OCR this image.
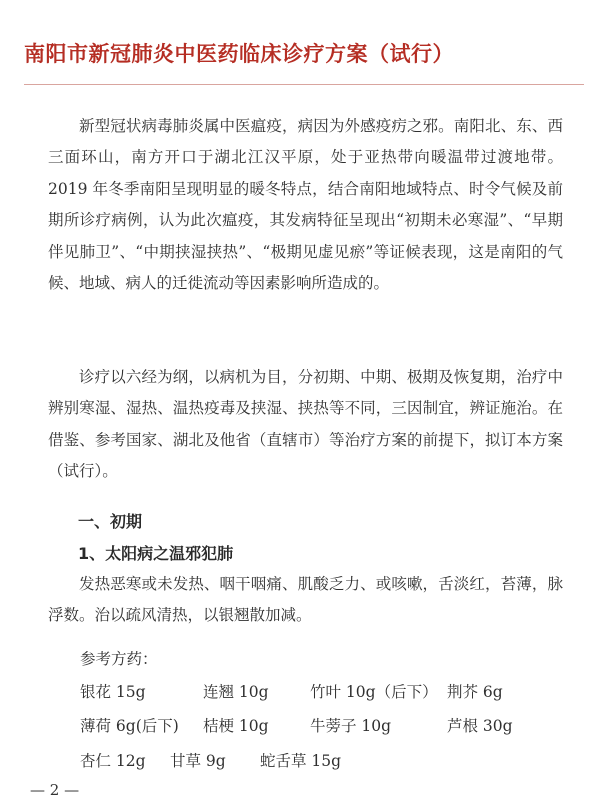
南阳市新冠肺炎中医药临床诊疗方案（试行）

新型冠状病毒肺炎属中医瘟疫，病因为外感疫疠之邪。南阳北、东、西三面环山，南方开口于湖北江汉平原，处于亚热带向暖温带过渡地带。2019 年冬季南阳呈现明显的暖冬特点，结合南阳地域特点、时令气候及前期所诊疗病例，认为此次瘟疫，其发病特征呈现出“初期未必寒湿”、“早期伴见肺卫”、“中期挟湿挟热”、“极期见虚见瘀”等证候表现，这是南阳的气候、地域、病人的迁徙流动等因素影响所造成的。

诊疗以六经为纲，以病机为目，分初期、中期、极期及恢复期，治疗中辨别寒湿、湿热、温热疫毒及挟湿、挟热等不同，三因制宜，辨证施治。在借鉴、参考国家、湖北及他省（直辖市）等治疗方案的前提下，拟订本方案（试行）。

一、初期
1、太阳病之温邪犯肺

发热恶寒或未发热、咽干咽痛、肌酸乏力、或咳嗽，舌淡红，苔薄，脉浮数。治以疏风清热，以银翘散加减。

参考方药：
银花 15g	连翘 10g	竹叶 10g（后下） 荆芥 6g
薄荷 6g(后下) 桔梗 10g	牛蒡子 10g	芦根 30g
杏仁 12g 甘草 9g 蛇舌草 15g
— 2 —
